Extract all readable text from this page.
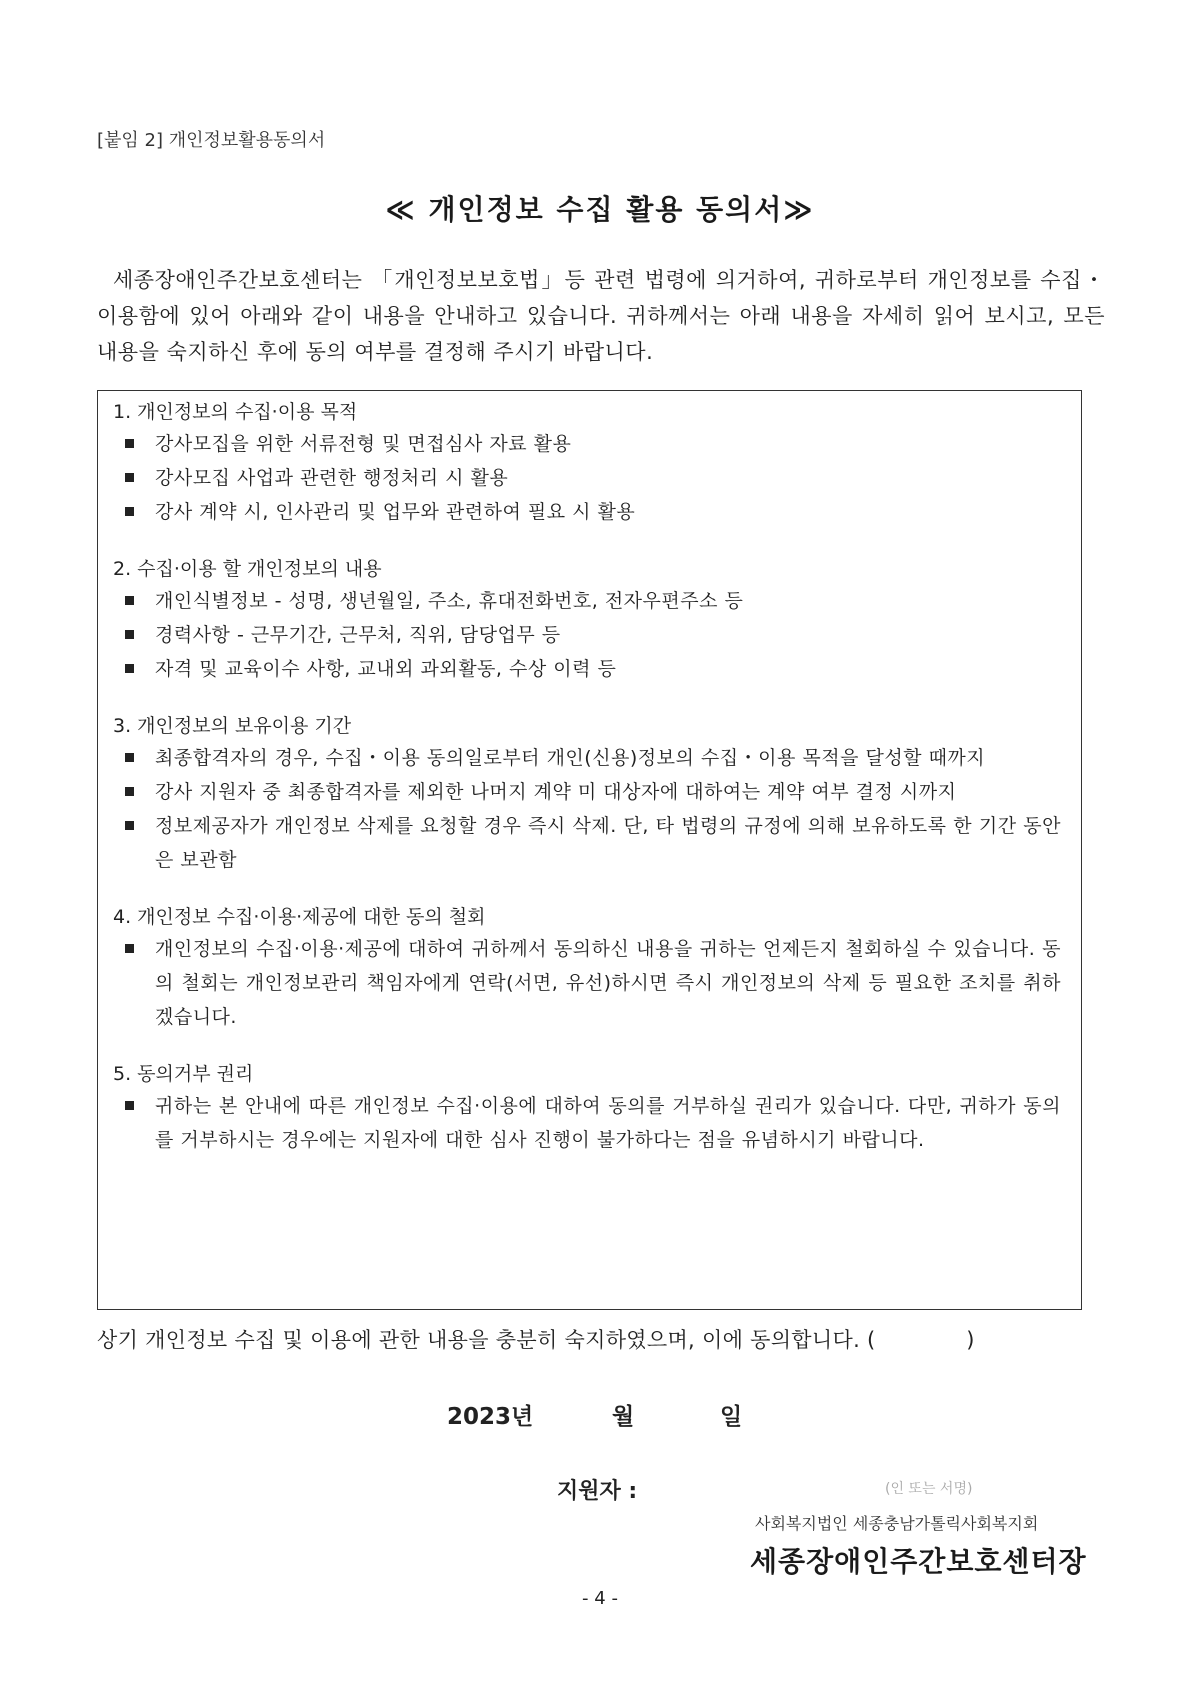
[붙임 2] 개인정보활용동의서
≪ 개인정보 수집 활용 동의서≫

세종장애인주간보호센터는 「개인정보보호법」등 관련 법령에 의거하여, 귀하로부터 개인정보를 수집・이용함에 있어 아래와 같이 내용을 안내하고 있습니다. 귀하께서는 아래 내용을 자세히 읽어 보시고, 모든 내용을 숙지하신 후에 동의 여부를 결정해 주시기 바랍니다.

1. 개인정보의 수집·이용 목적
강사모집을 위한 서류전형 및 면접심사 자료 활용
강사모집 사업과 관련한 행정처리 시 활용
강사 계약 시, 인사관리 및 업무와 관련하여 필요 시 활용
2. 수집·이용 할 개인정보의 내용
개인식별정보 - 성명, 생년월일, 주소, 휴대전화번호, 전자우편주소 등
경력사항 - 근무기간, 근무처, 직위, 담당업무 등
자격 및 교육이수 사항, 교내외 과외활동, 수상 이력 등
3. 개인정보의 보유이용 기간
최종합격자의 경우, 수집・이용 동의일로부터 개인(신용)정보의 수집・이용 목적을 달성할 때까지
강사 지원자 중 최종합격자를 제외한 나머지 계약 미 대상자에 대하여는 계약 여부 결정 시까지
정보제공자가 개인정보 삭제를 요청할 경우 즉시 삭제. 단, 타 법령의 규정에 의해 보유하도록 한 기간 동안은 보관함
4. 개인정보 수집·이용·제공에 대한 동의 철회
개인정보의 수집·이용·제공에 대하여 귀하께서 동의하신 내용을 귀하는 언제든지 철회하실 수 있습니다. 동의 철회는 개인정보관리 책임자에게 연락(서면, 유선)하시면 즉시 개인정보의 삭제 등 필요한 조치를 취하겠습니다.
5. 동의거부 권리
귀하는 본 안내에 따른 개인정보 수집·이용에 대하여 동의를 거부하실 권리가 있습니다. 다만, 귀하가 동의를 거부하시는 경우에는 지원자에 대한 심사 진행이 불가하다는 점을 유념하시기 바랍니다.
상기 개인정보 수집 및 이용에 관한 내용을 충분히 숙지하였으며, 이에 동의합니다. (             )
2023년	월	일
지원자 :	(인 또는 서명)
사회복지법인 세종충남가톨릭사회복지회
세종장애인주간보호센터장
- 4 -
